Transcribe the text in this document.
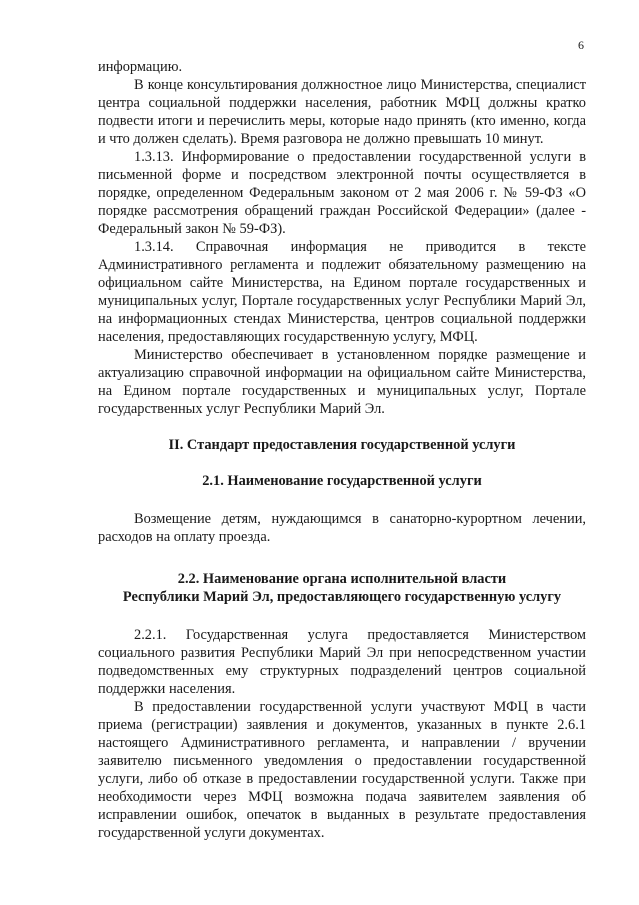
6

информацию.

В конце консультирования должностное лицо Министерства, специалист центра социальной поддержки населения, работник МФЦ должны кратко подвести итоги и перечислить меры, которые надо принять (кто именно, когда и что должен сделать). Время разговора не должно превышать 10 минут.

1.3.13. Информирование о предоставлении государственной услуги в письменной форме и посредством электронной почты осуществляется в порядке, определенном Федеральным законом от 2 мая 2006 г. № 59-ФЗ «О порядке рассмотрения обращений граждан Российской Федерации» (далее - Федеральный закон № 59-ФЗ).

1.3.14. Справочная информация не приводится в тексте Административного регламента и подлежит обязательному размещению на официальном сайте Министерства, на Едином портале государственных и муниципальных услуг, Портале государственных услуг Республики Марий Эл, на информационных стендах Министерства, центров социальной поддержки населения, предоставляющих государственную услугу, МФЦ.

Министерство обеспечивает в установленном порядке размещение и актуализацию справочной информации на официальном сайте Министерства, на Едином портале государственных и муниципальных услуг, Портале государственных услуг Республики Марий Эл.

II. Стандарт предоставления государственной услуги
2.1. Наименование государственной услуги

Возмещение детям, нуждающимся в санаторно-курортном лечении, расходов на оплату проезда.

2.2. Наименование органа исполнительной власти
Республики Марий Эл, предоставляющего государственную услугу

2.2.1. Государственная услуга предоставляется Министерством социального развития Республики Марий Эл при непосредственном участии подведомственных ему структурных подразделений центров социальной поддержки населения.

В предоставлении государственной услуги участвуют МФЦ в части приема (регистрации) заявления и документов, указанных в пункте 2.6.1 настоящего Административного регламента, и направлении / вручении заявителю письменного уведомления о предоставлении государственной услуги, либо об отказе в предоставлении государственной услуги. Также при необходимости через МФЦ возможна подача заявителем заявления об исправлении ошибок, опечаток в выданных в результате предоставления государственной услуги документах.
